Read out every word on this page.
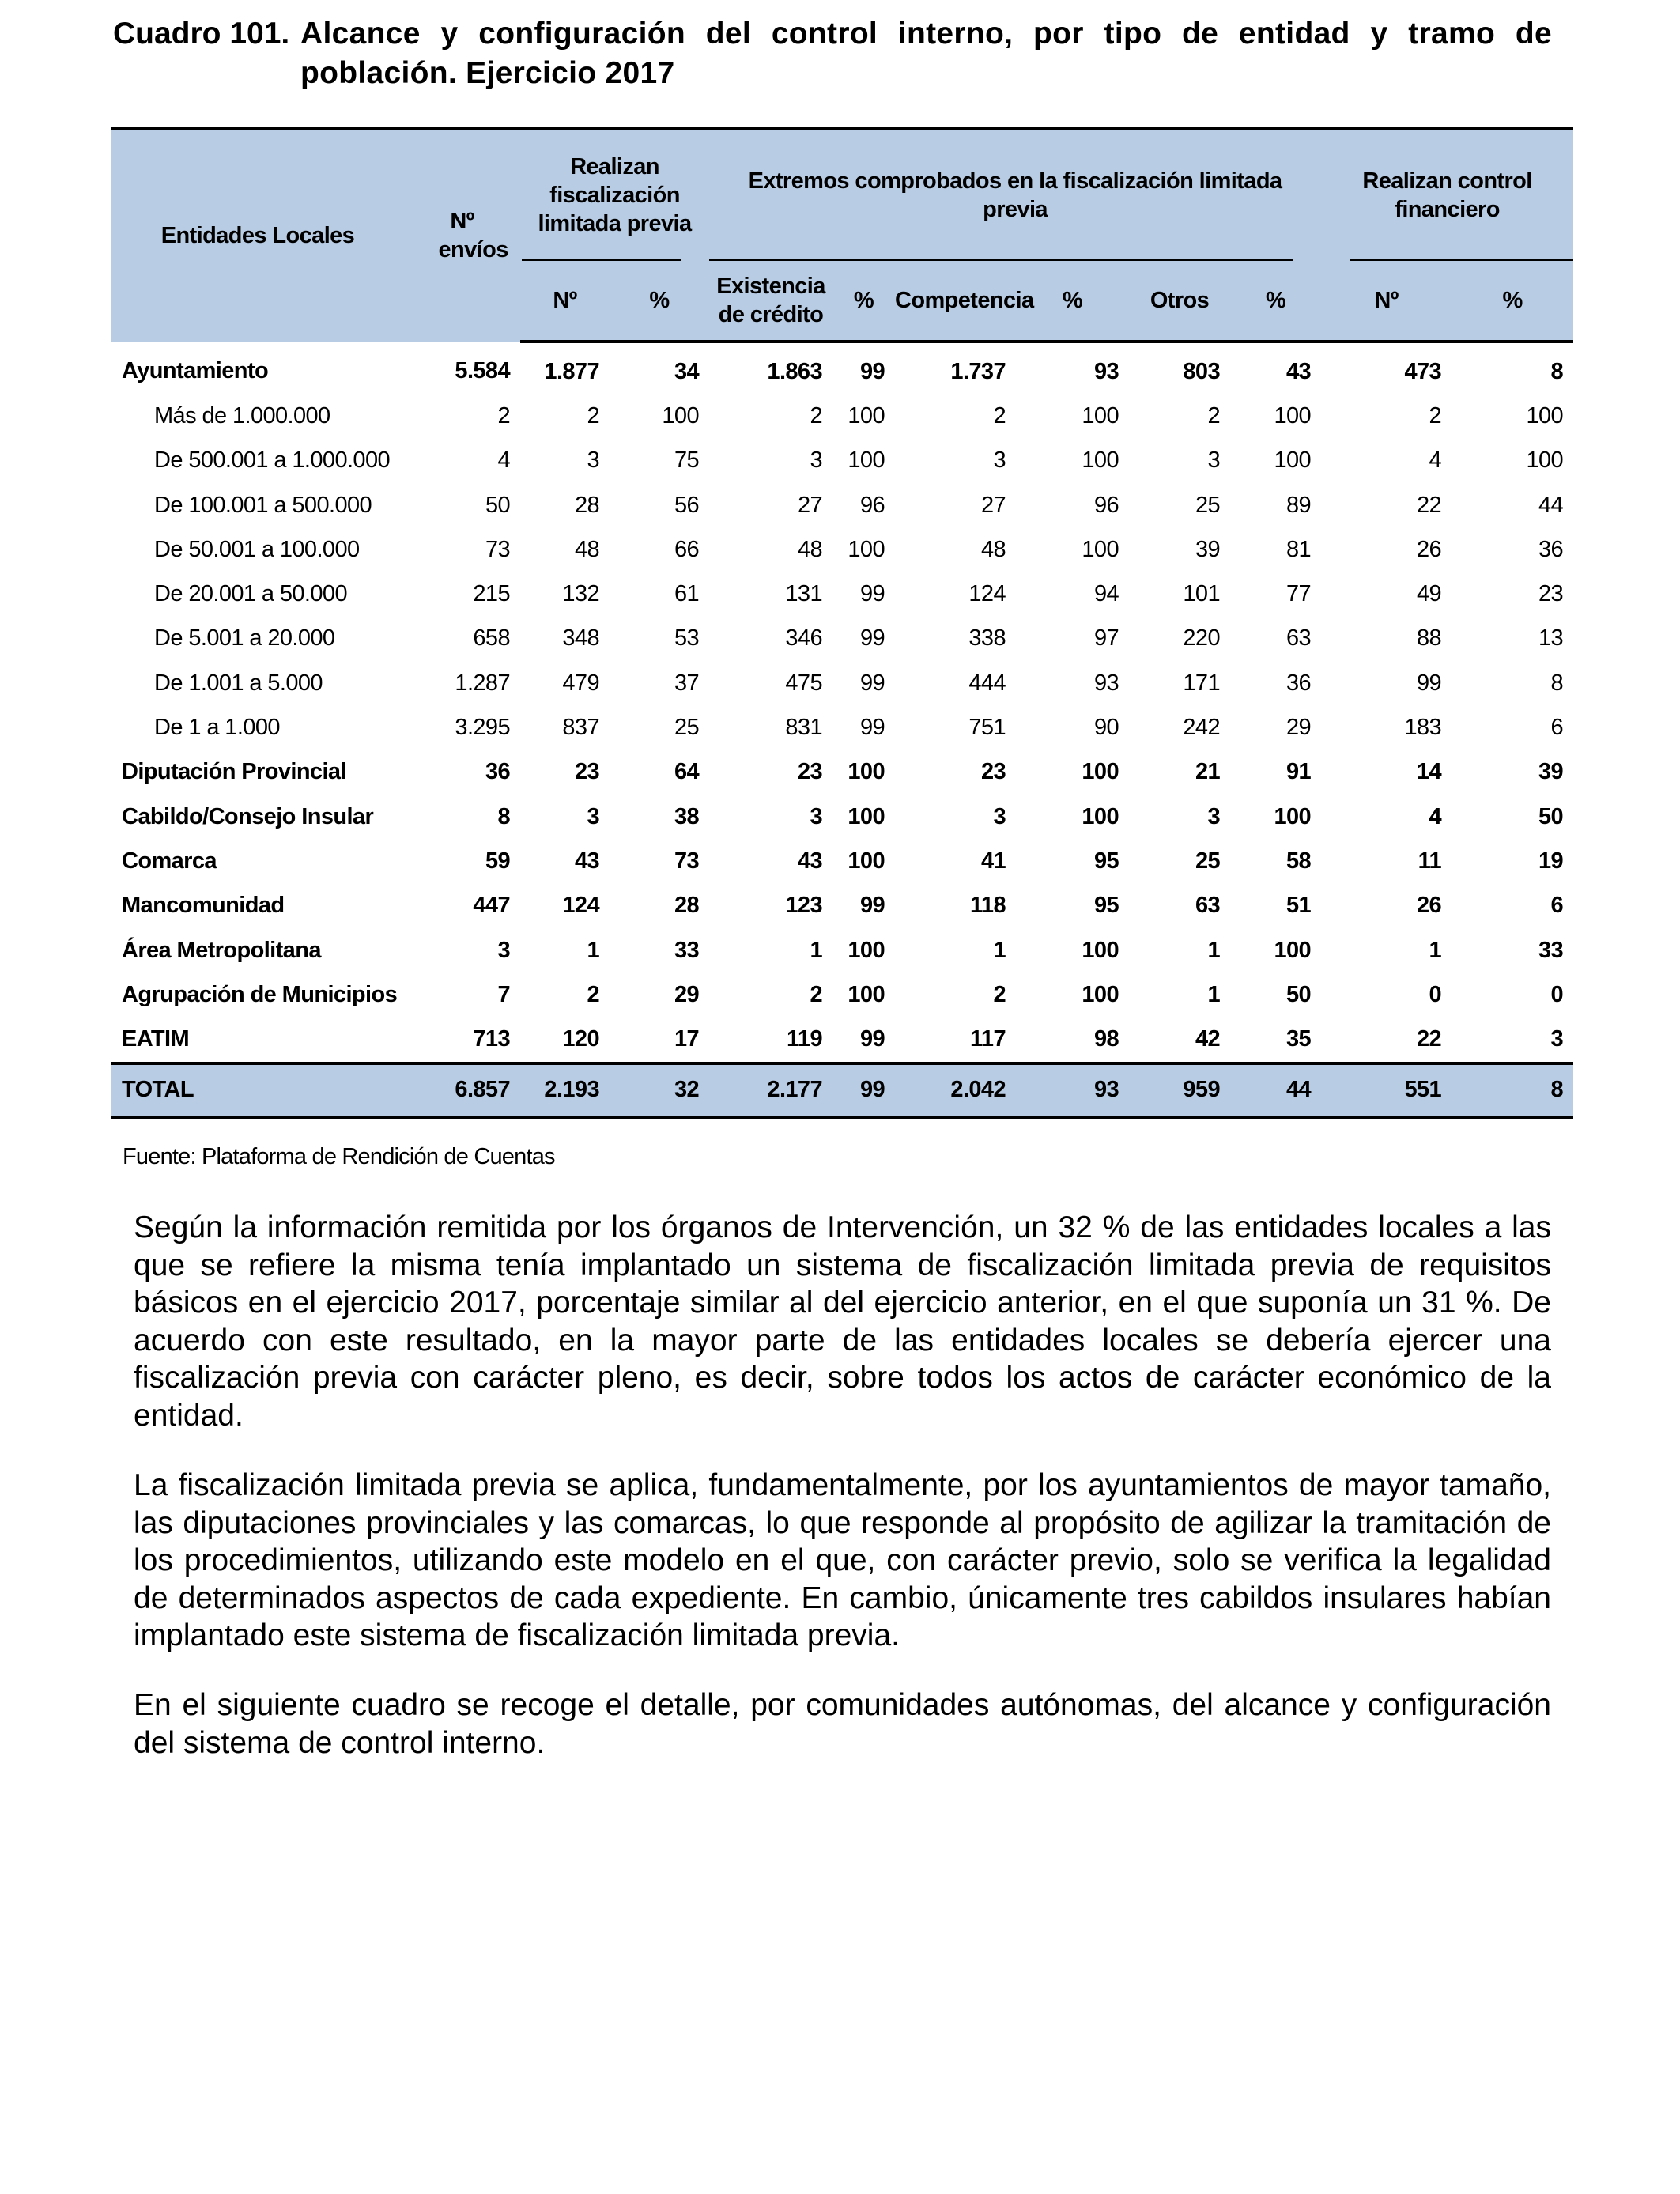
Cuadro 101. Alcance y configuración del control interno, por tipo de entidad y tramo de población. Ejercicio 2017
Entidades Locales	Nº envíos	Realizan fiscalización limitada previa		Extremos comprobados en la fiscalización limitada previa						Realizan control financiero	
		Nº	%	Existencia de crédito	%	Competencia	%	Otros	%	Nº	%
Ayuntamiento	5.584	1.877	34	1.863	99	1.737	93	803	43	473	8
Más de 1.000.000	2	2	100	2	100	2	100	2	100	2	100
De 500.001 a 1.000.000	4	3	75	3	100	3	100	3	100	4	100
De 100.001 a 500.000	50	28	56	27	96	27	96	25	89	22	44
De 50.001 a 100.000	73	48	66	48	100	48	100	39	81	26	36
De 20.001 a 50.000	215	132	61	131	99	124	94	101	77	49	23
De 5.001 a 20.000	658	348	53	346	99	338	97	220	63	88	13
De 1.001 a 5.000	1.287	479	37	475	99	444	93	171	36	99	8
De 1 a 1.000	3.295	837	25	831	99	751	90	242	29	183	6
Diputación Provincial	36	23	64	23	100	23	100	21	91	14	39
Cabildo/Consejo Insular	8	3	38	3	100	3	100	3	100	4	50
Comarca	59	43	73	43	100	41	95	25	58	11	19
Mancomunidad	447	124	28	123	99	118	95	63	51	26	6
Área Metropolitana	3	1	33	1	100	1	100	1	100	1	33
Agrupación de Municipios	7	2	29	2	100	2	100	1	50	0	0
EATIM	713	120	17	119	99	117	98	42	35	22	3
TOTAL	6.857	2.193	32	2.177	99	2.042	93	959	44	551	8
Fuente: Plataforma de Rendición de Cuentas

Según la información remitida por los órganos de Intervención, un 32 % de las entidades locales a las que se refiere la misma tenía implantado un sistema de fiscalización limitada previa de requisitos básicos en el ejercicio 2017, porcentaje similar al del ejercicio anterior, en el que suponía un 31 %. De acuerdo con este resultado, en la mayor parte de las entidades locales se debería ejercer una fiscalización previa con carácter pleno, es decir, sobre todos los actos de carácter económico de la entidad.

La fiscalización limitada previa se aplica, fundamentalmente, por los ayuntamientos de mayor tamaño, las diputaciones provinciales y las comarcas, lo que responde al propósito de agilizar la tramitación de los procedimientos, utilizando este modelo en el que, con carácter previo, solo se verifica la legalidad de determinados aspectos de cada expediente. En cambio, únicamente tres cabildos insulares habían implantado este sistema de fiscalización limitada previa.

En el siguiente cuadro se recoge el detalle, por comunidades autónomas, del alcance y configuración del sistema de control interno.
